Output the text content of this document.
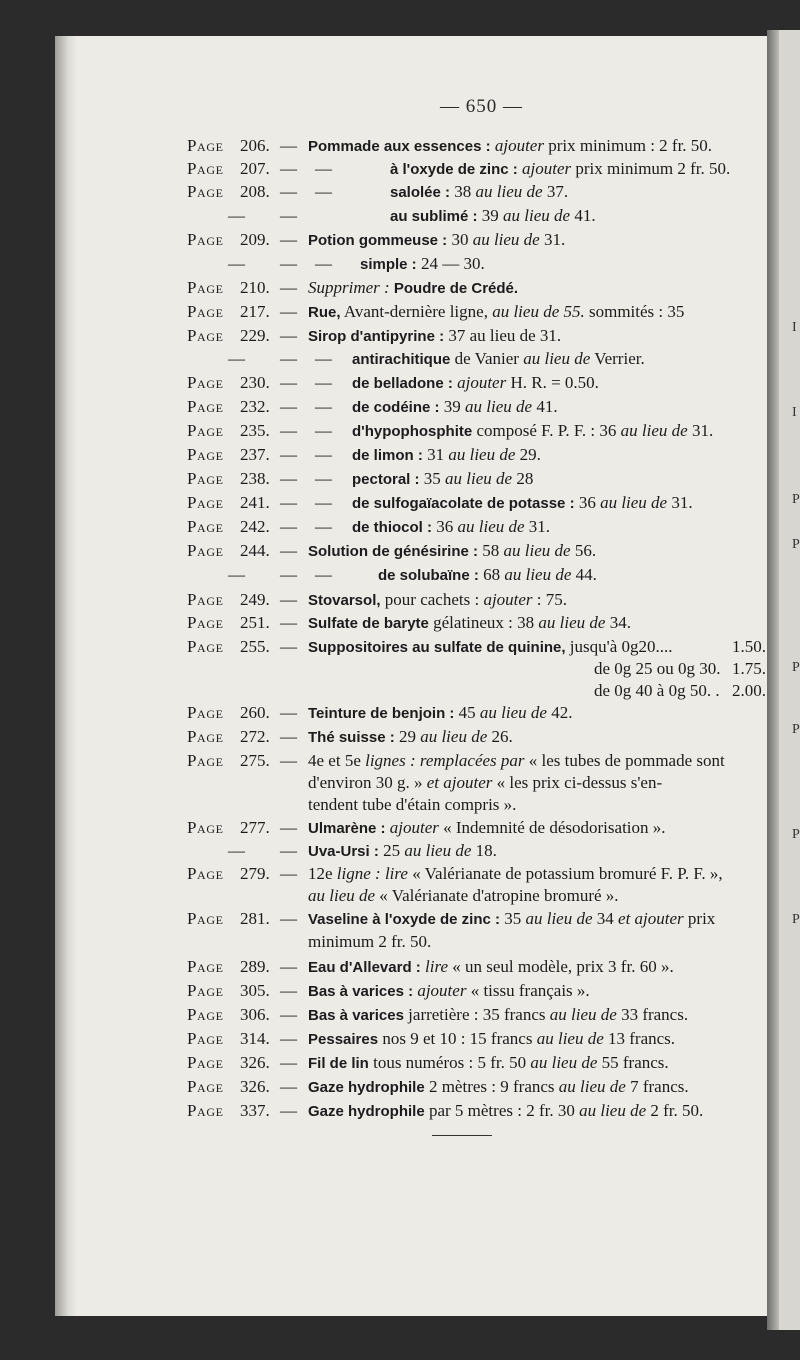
— 650 —
Page 206. — Pommade aux essences : ajouter prix minimum : 2 fr. 50.
Page 207. — —	à l'oxyde de zinc : ajouter prix minimum 2 fr. 50.
Page 208. — —	salolée : 38 au lieu de 37.
— —	au sublimé : 39 au lieu de 41.
Page 209. — Potion gommeuse : 30 au lieu de 31.
— — — simple : 24 — 30.
Page 210. — Supprimer : Poudre de Crédé.
Page 217. — Rue, Avant-dernière ligne, au lieu de 55. sommités : 35
Page 229. — Sirop d'antipyrine : 37 au lieu de 31.
— — — antirachitique de Vanier au lieu de Verrier.
Page 230. — — de belladone : ajouter H. R. = 0.50.
Page 232. — — de codéine : 39 au lieu de 41.
Page 235. — — d'hypophosphite composé F. P. F. : 36 au lieu de 31.
Page 237. — — de limon : 31 au lieu de 29.
Page 238. — — pectoral : 35 au lieu de 28
Page 241. — — de sulfogaïacolate de potasse : 36 au lieu de 31.
Page 242. — — de thiocol : 36 au lieu de 31.
Page 244. — Solution de génésirine : 58 au lieu de 56.
— — —	de solubaïne : 68 au lieu de 44.
Page 249. — Stovarsol, pour cachets : ajouter : 75.
Page 251. — Sulfate de baryte gélatineux : 38 au lieu de 34.
Page 255. — Suppositoires au sulfate de quinine, jusqu'à 0g20....	1.50.
de 0g 25 ou 0g 30. 1.75.
de 0g 40 à 0g 50. . 2.00.
Page 260. — Teinture de benjoin : 45 au lieu de 42.
Page 272. — Thé suisse : 29 au lieu de 26.
Page 275. — 4e et 5e lignes : remplacées par « les tubes de pommade sont
d'environ 30 g. » et ajouter « les prix ci-dessus s'en-
tendent tube d'étain compris ».
Page 277. — Ulmarène : ajouter « Indemnité de désodorisation ».
— — Uva-Ursi : 25 au lieu de 18.
Page 279. — 12e ligne : lire « Valérianate de potassium bromuré F. P. F. »,
au lieu de « Valérianate d'atropine bromuré ».
Page 281. — Vaseline à l'oxyde de zinc : 35 au lieu de 34 et ajouter prix
minimum 2 fr. 50.
Page 289. — Eau d'Allevard : lire « un seul modèle, prix 3 fr. 60 ».
Page 305. — Bas à varices : ajouter « tissu français ».
Page 306. — Bas à varices jarretière : 35 francs au lieu de 33 francs.
Page 314. — Pessaires nos 9 et 10 : 15 francs au lieu de 13 francs.
Page 326. — Fil de lin tous numéros : 5 fr. 50 au lieu de 55 francs.
Page 326. — Gaze hydrophile 2 mètres : 9 francs au lieu de 7 francs.
Page 337. — Gaze hydrophile par 5 mètres : 2 fr. 30 au lieu de 2 fr. 50.
I
I
P
P
P
P
P
P
